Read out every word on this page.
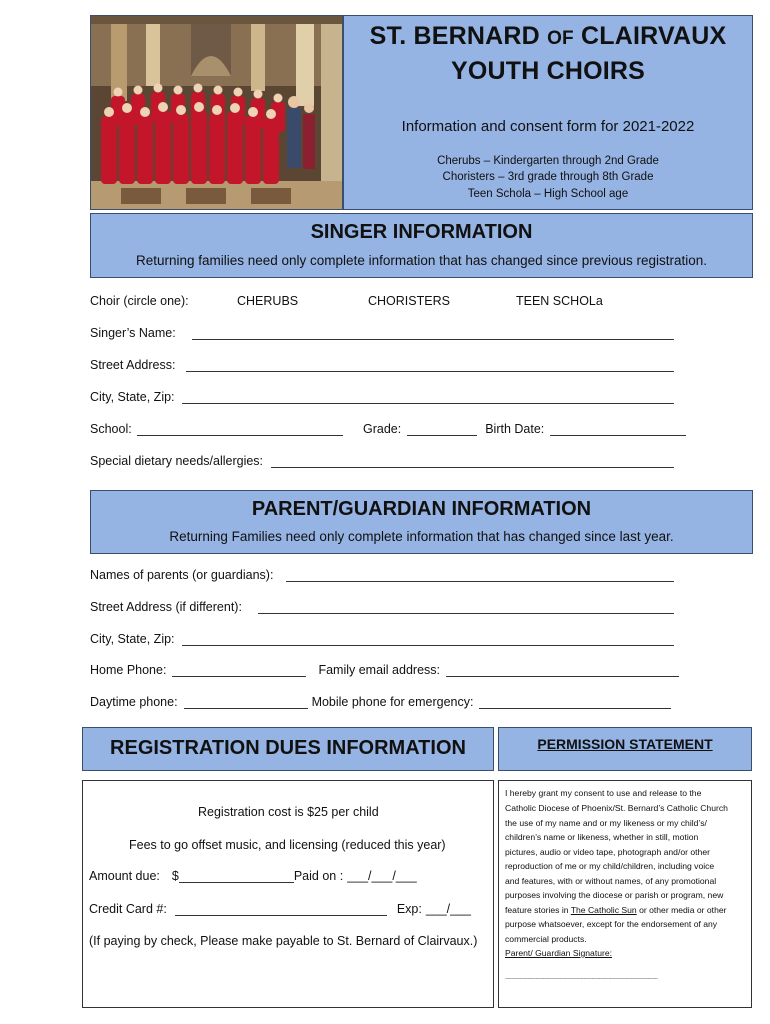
ST. BERNARD OF CLAIRVAUX
YOUTH CHOIRS
Information and consent form for 2021-2022
Cherubs – Kindergarten through 2nd Grade
Choristers – 3rd grade through 8th Grade
Teen Schola – High School age
SINGER INFORMATION
Returning families need only complete information that has changed since previous registration.
Choir (circle one):	CHERUBS	CHORISTERS	TEEN SCHOLa
Singer’s Name:
Street Address:
City, State, Zip:
School:	Grade:	Birth Date:
Special dietary needs/allergies:
PARENT/GUARDIAN INFORMATION
Returning Families need only complete information that has changed since last year.
Names of parents (or guardians):
Street Address (if different):
City, State, Zip:
Home Phone:	Family email address:
Daytime phone:	Mobile phone for emergency:
REGISTRATION DUES INFORMATION
Registration cost is $25 per child
Fees to go offset music, and licensing (reduced this year)
Amount due: $	Paid on : ___/___/___
Credit Card #:	Exp: ___/___
(If paying by check, Please make payable to St. Bernard of Clairvaux.)
PERMISSION STATEMENT
I hereby grant my consent to use and release to the
Catholic Diocese of Phoenix/St. Bernard’s Catholic Church
the use of my name and or my likeness or my child’s/
children’s name or likeness, whether in still, motion
pictures, audio or video tape, photograph and/or other
reproduction of me or my child/children, including voice
and features, with or without names, of any promotional
purposes involving the diocese or parish or program, new
feature stories in The Catholic Sun or other media or other
purpose whatsoever, except for the endorsement of any
commercial products.
Parent/ Guardian Signature:
------------------------------------------------------------------------------------------
